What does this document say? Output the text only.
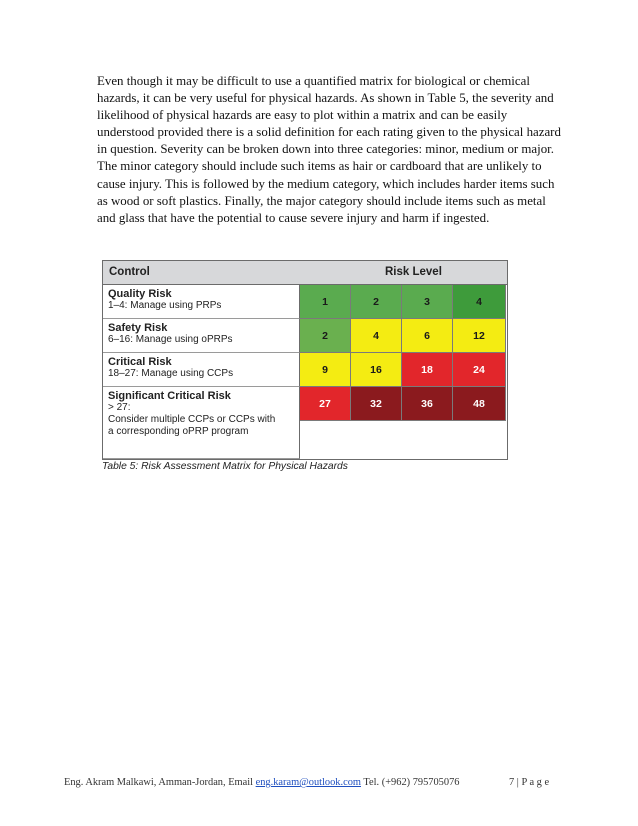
Even though it may be difficult to use a quantified matrix for biological or chemical hazards, it can be very useful for physical hazards. As shown in Table 5, the severity and likelihood of physical hazards are easy to plot within a matrix and can be easily understood provided there is a solid definition for each rating given to the physical hazard in question. Severity can be broken down into three categories: minor, medium or major. The minor category should include such items as hair or cardboard that are unlikely to cause injury. This is followed by the medium category, which includes harder items such as wood or soft plastics. Finally, the major category should include items such as metal and glass that have the potential to cause severe injury and harm if ingested.

Control	Risk Level
Quality Risk
1–4: Manage using PRPs	1	2	3	4
Safety Risk
6–16: Manage using oPRPs	2	4	6	12
Critical Risk
18–27: Manage using CCPs	9	16	18	24
Significant Critical Risk
> 27:
Consider multiple CCPs or CCPs with
a corresponding oPRP program
27	32	36	48
Table 5: Risk Assessment Matrix for Physical Hazards
Eng. Akram Malkawi, Amman-Jordan, Email eng.karam@outlook.com Tel. (+962) 795705076	7 | P a g e
